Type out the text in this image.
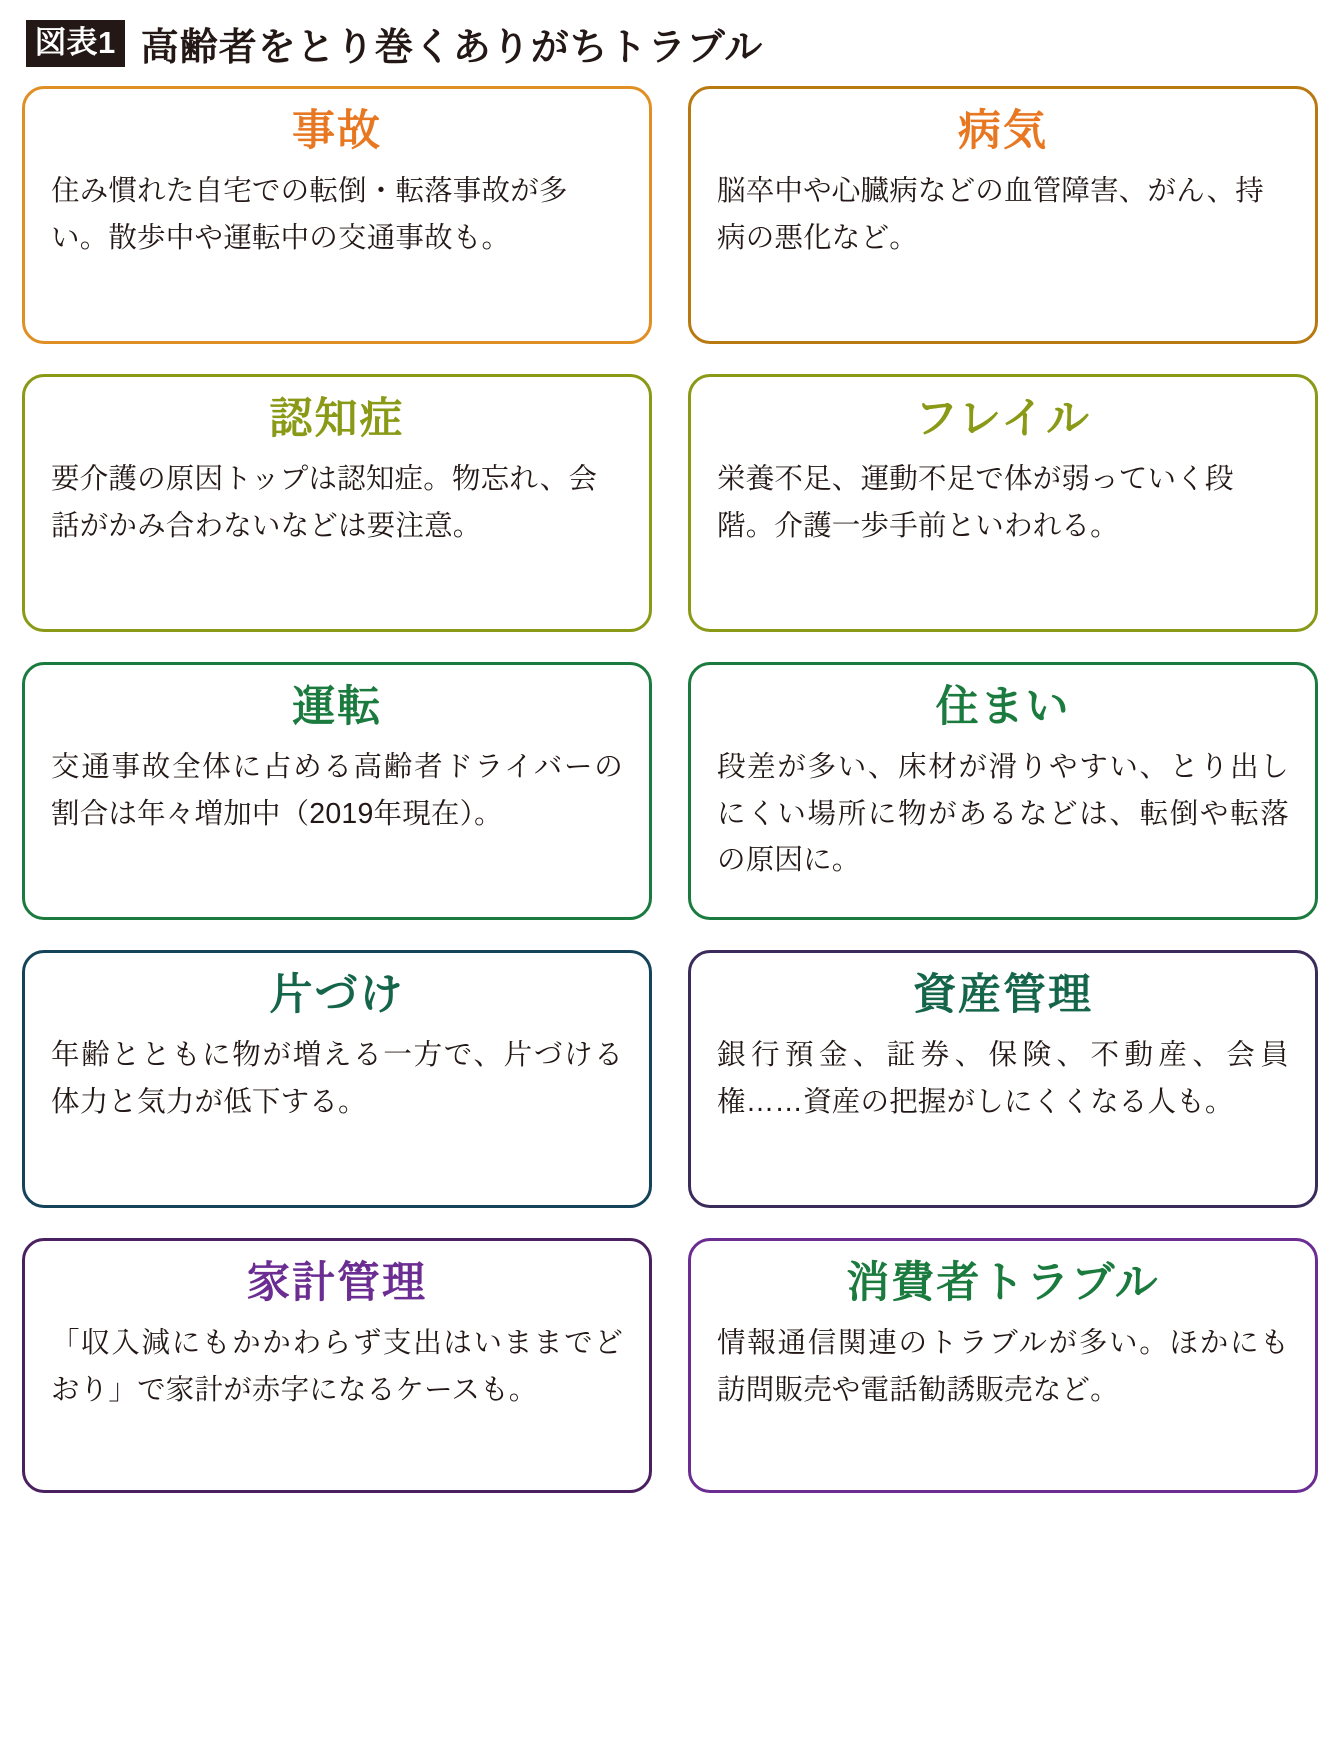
図表1 高齢者をとり巻くありがちトラブル
事故
住み慣れた自宅での転倒・転落事故が多い。散歩中や運転中の交通事故も。
病気
脳卒中や心臓病などの血管障害、がん、持病の悪化など。
認知症
要介護の原因トップは認知症。物忘れ、会話がかみ合わないなどは要注意。
フレイル
栄養不足、運動不足で体が弱っていく段階。介護一歩手前といわれる。
運転
交通事故全体に占める高齢者ドライバーの割合は年々増加中（2019年現在）。
住まい
段差が多い、床材が滑りやすい、とり出しにくい場所に物があるなどは、転倒や転落の原因に。
片づけ
年齢とともに物が増える一方で、片づける体力と気力が低下する。
資産管理
銀行預金、証券、保険、不動産、会員権……資産の把握がしにくくなる人も。
家計管理
「収入減にもかかわらず支出はいままでどおり」で家計が赤字になるケースも。
消費者トラブル
情報通信関連のトラブルが多い。ほかにも訪問販売や電話勧誘販売など。
